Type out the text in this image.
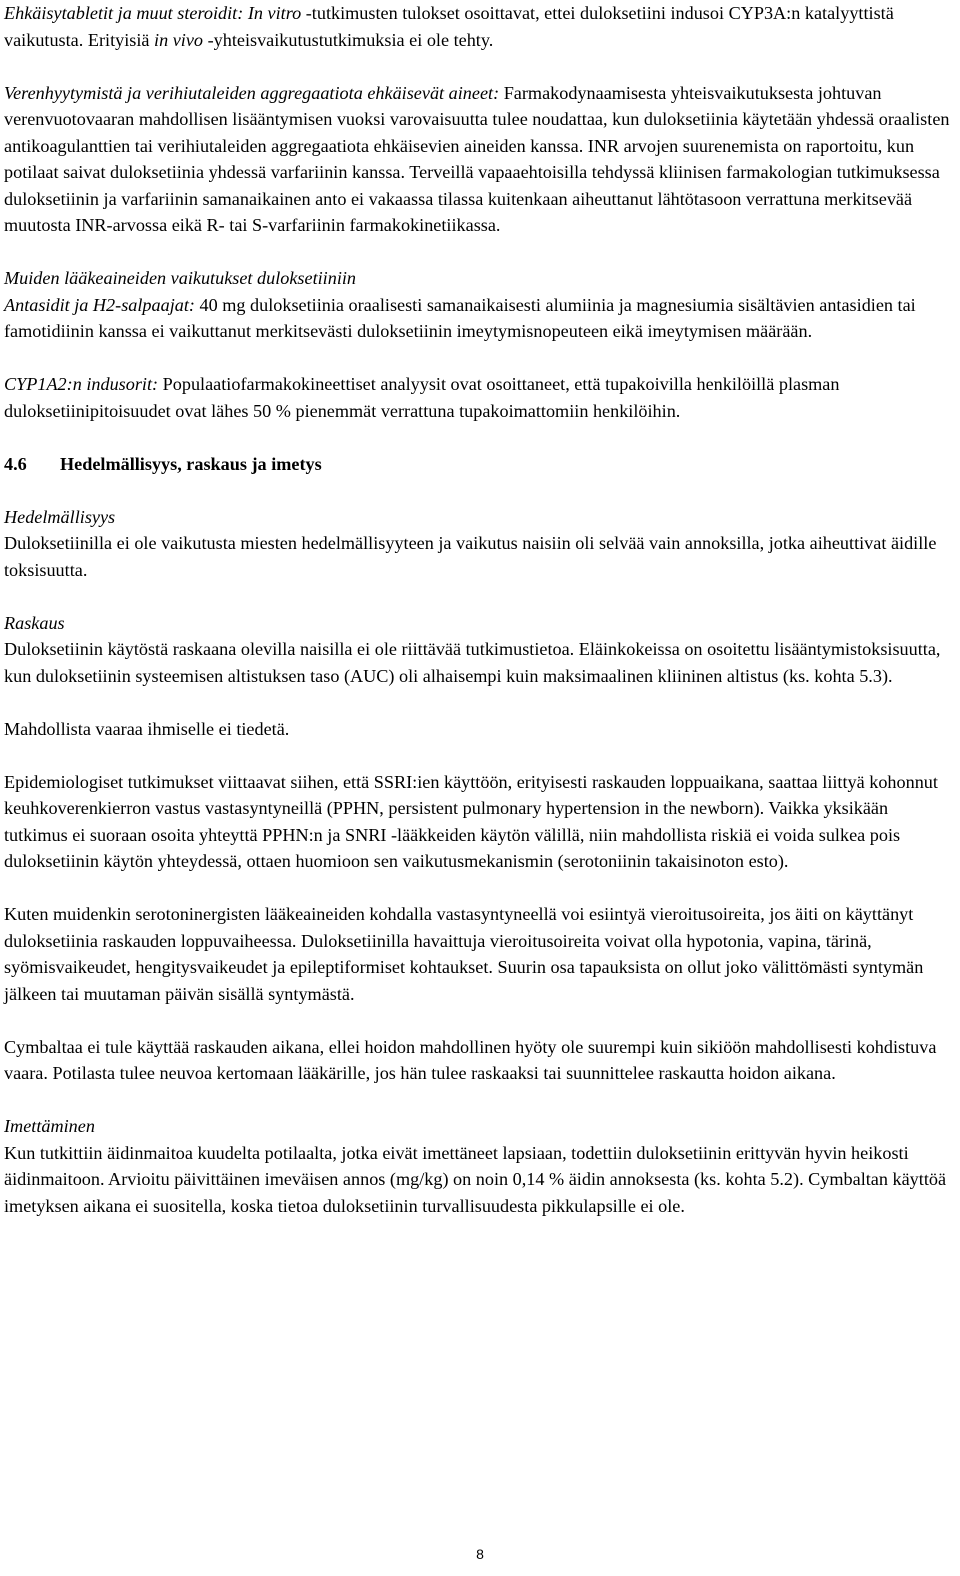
Ehkäisytabletit ja muut steroidit: In vitro -tutkimusten tulokset osoittavat, ettei duloksetiini indusoi CYP3A:n katalyyttistä vaikutusta. Erityisiä in vivo -yhteisvaikutustutkimuksia ei ole tehty.

Verenhyytymistä ja verihiutaleiden aggregaatiota ehkäisevät aineet: Farmakodynaamisesta yhteisvaikutuksesta johtuvan verenvuotovaaran mahdollisen lisääntymisen vuoksi varovaisuutta tulee noudattaa, kun duloksetiinia käytetään yhdessä oraalisten antikoagulanttien tai verihiutaleiden aggregaatiota ehkäisevien aineiden kanssa. INR arvojen suurenemista on raportoitu, kun potilaat saivat duloksetiinia yhdessä varfariinin kanssa. Terveillä vapaaehtoisilla tehdyssä kliinisen farmakologian tutkimuksessa duloksetiinin ja varfariinin samanaikainen anto ei vakaassa tilassa kuitenkaan aiheuttanut lähtötasoon verrattuna merkitsevää muutosta INR-arvossa eikä R- tai S-varfariinin farmakokinetiikassa.

Muiden lääkeaineiden vaikutukset duloksetiiniin

Antasidit ja H2-salpaajat: 40 mg duloksetiinia oraalisesti samanaikaisesti alumiinia ja magnesiumia sisältävien antasidien tai famotidiinin kanssa ei vaikuttanut merkitsevästi duloksetiinin imeytymisnopeuteen eikä imeytymisen määrään.

CYP1A2:n indusorit: Populaatiofarmakokineettiset analyysit ovat osoittaneet, että tupakoivilla henkilöillä plasman duloksetiinipitoisuudet ovat lähes 50 % pienemmät verrattuna tupakoimattomiin henkilöihin.

4.6 Hedelmällisyys, raskaus ja imetys

Hedelmällisyys

Duloksetiinilla ei ole vaikutusta miesten hedelmällisyyteen ja vaikutus naisiin oli selvää vain annoksilla, jotka aiheuttivat äidille toksisuutta.

Raskaus

Duloksetiinin käytöstä raskaana olevilla naisilla ei ole riittävää tutkimustietoa. Eläinkokeissa on osoitettu lisääntymistoksisuutta, kun duloksetiinin systeemisen altistuksen taso (AUC) oli alhaisempi kuin maksimaalinen kliininen altistus (ks. kohta 5.3).

Mahdollista vaaraa ihmiselle ei tiedetä.

Epidemiologiset tutkimukset viittaavat siihen, että SSRI:ien käyttöön, erityisesti raskauden loppuaikana, saattaa liittyä kohonnut keuhkoverenkierron vastus vastasyntyneillä (PPHN, persistent pulmonary hypertension in the newborn). Vaikka yksikään tutkimus ei suoraan osoita yhteyttä PPHN:n ja SNRI -lääkkeiden käytön välillä, niin mahdollista riskiä ei voida sulkea pois duloksetiinin käytön yhteydessä, ottaen huomioon sen vaikutusmekanismin (serotoniinin takaisinoton esto).

Kuten muidenkin serotoninergisten lääkeaineiden kohdalla vastasyntyneellä voi esiintyä vieroitusoireita, jos äiti on käyttänyt duloksetiinia raskauden loppuvaiheessa. Duloksetiinilla havaittuja vieroitusoireita voivat olla hypotonia, vapina, tärinä, syömisvaikeudet, hengitysvaikeudet ja epileptiformiset kohtaukset. Suurin osa tapauksista on ollut joko välittömästi syntymän jälkeen tai muutaman päivän sisällä syntymästä.

Cymbaltaa ei tule käyttää raskauden aikana, ellei hoidon mahdollinen hyöty ole suurempi kuin sikiöön mahdollisesti kohdistuva vaara. Potilasta tulee neuvoa kertomaan lääkärille, jos hän tulee raskaaksi tai suunnittelee raskautta hoidon aikana.

Imettäminen

Kun tutkittiin äidinmaitoa kuudelta potilaalta, jotka eivät imettäneet lapsiaan, todettiin duloksetiinin erittyvän hyvin heikosti äidinmaitoon. Arvioitu päivittäinen imeväisen annos (mg/kg) on noin 0,14 % äidin annoksesta (ks. kohta 5.2). Cymbaltan käyttöä imetyksen aikana ei suositella, koska tietoa duloksetiinin turvallisuudesta pikkulapsille ei ole.

8
